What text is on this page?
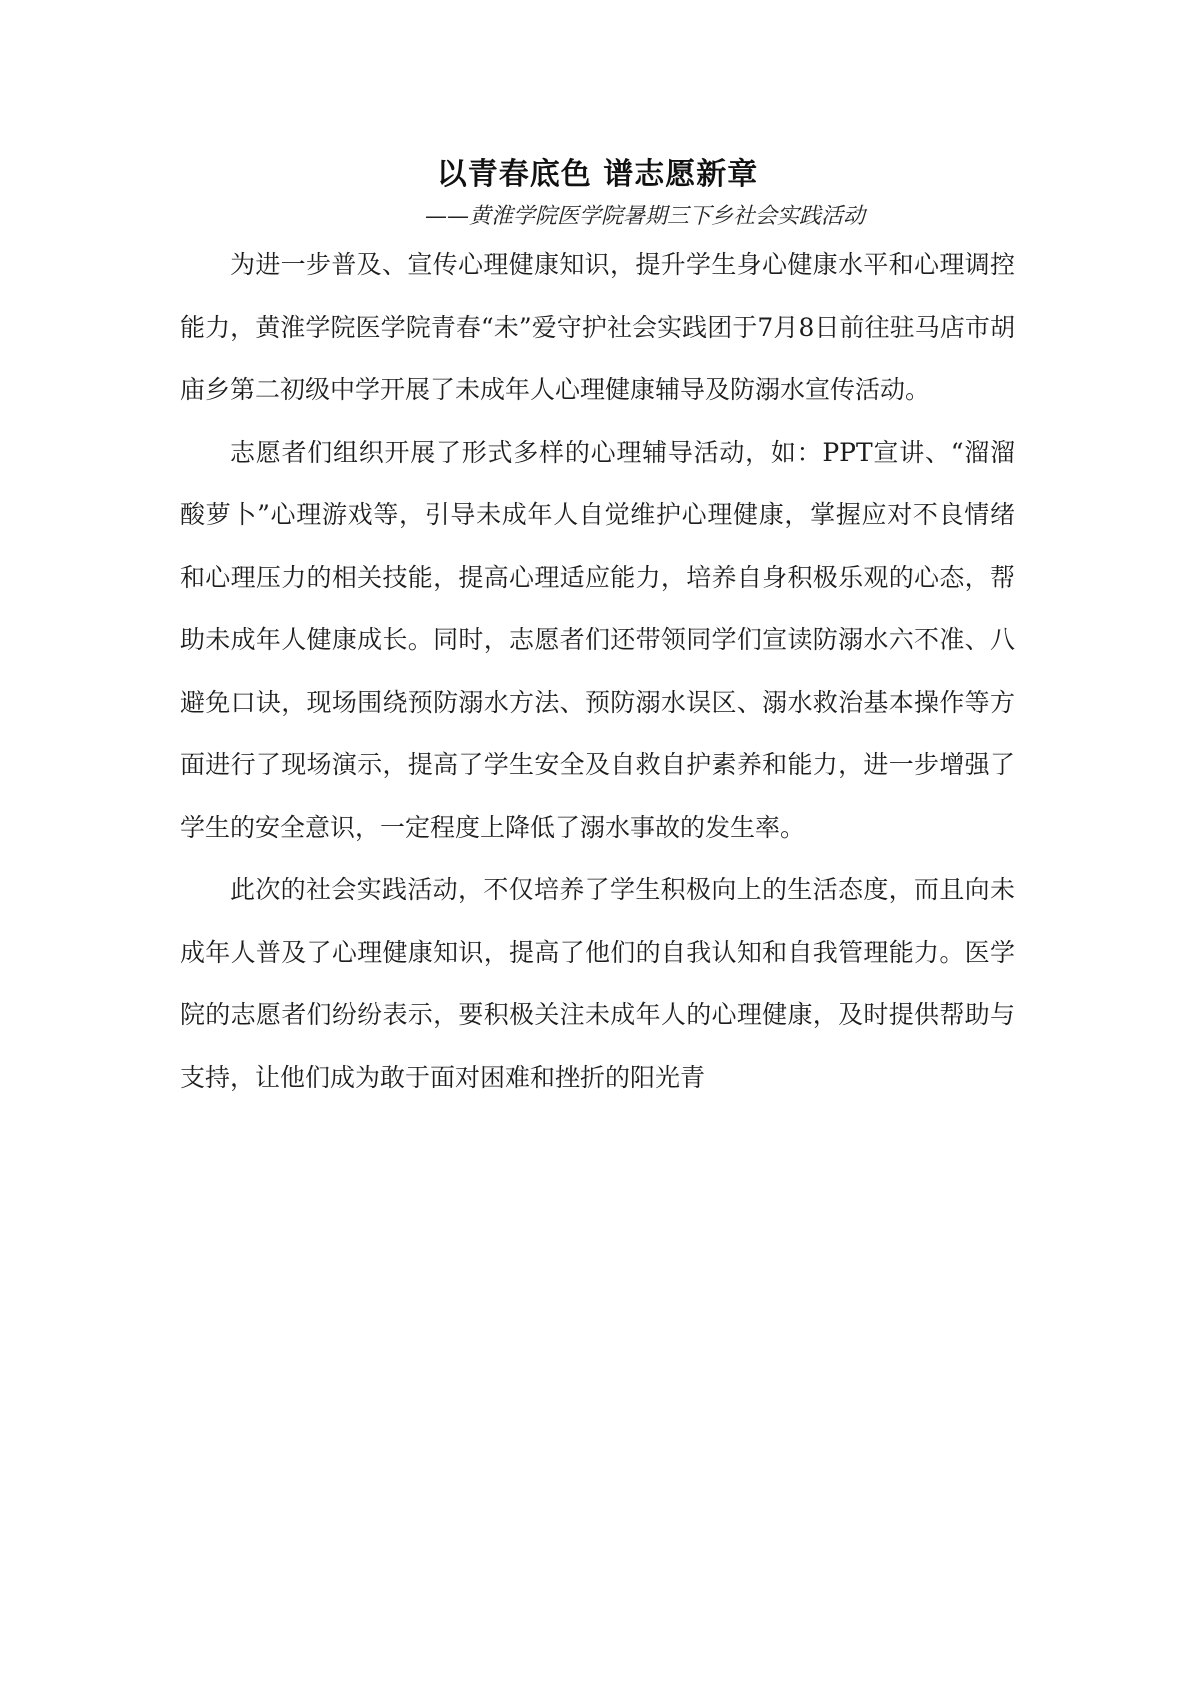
以青春底色 谱志愿新章

——黄淮学院医学院暑期三下乡社会实践活动

为进一步普及、宣传心理健康知识，提升学生身心健康水平和心理调控能力，黄淮学院医学院青春“未”爱守护社会实践团于7月8日前往驻马店市胡庙乡第二初级中学开展了未成年人心理健康辅导及防溺水宣传活动。

志愿者们组织开展了形式多样的心理辅导活动，如：PPT宣讲、“溜溜酸萝卜”心理游戏等，引导未成年人自觉维护心理健康，掌握应对不良情绪和心理压力的相关技能，提高心理适应能力，培养自身积极乐观的心态，帮助未成年人健康成长。同时，志愿者们还带领同学们宣读防溺水六不准、八避免口诀，现场围绕预防溺水方法、预防溺水误区、溺水救治基本操作等方面进行了现场演示，提高了学生安全及自救自护素养和能力，进一步增强了学生的安全意识，一定程度上降低了溺水事故的发生率。

此次的社会实践活动，不仅培养了学生积极向上的生活态度，而且向未成年人普及了心理健康知识，提高了他们的自我认知和自我管理能力。医学院的志愿者们纷纷表示，要积极关注未成年人的心理健康，及时提供帮助与支持，让他们成为敢于面对困难和挫折的阳光青
